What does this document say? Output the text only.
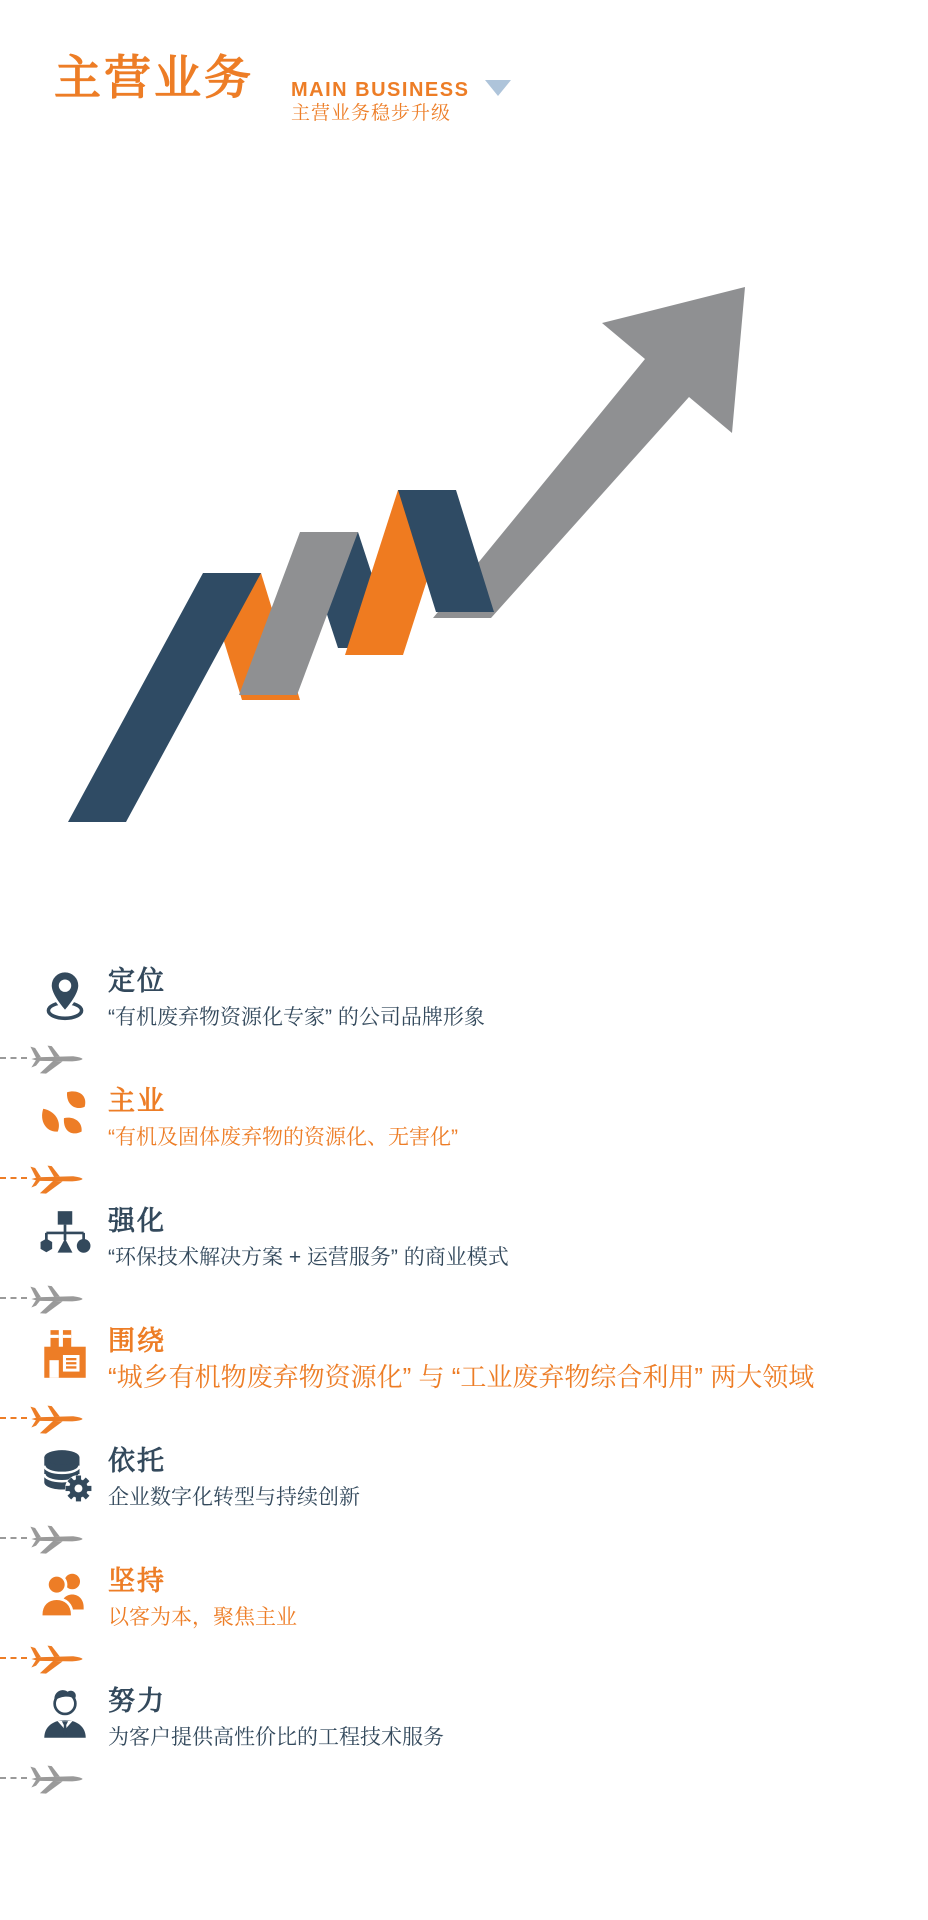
主营业务 MAIN BUSINESS
主营业务稳步升级
定位
“有机废弃物资源化专家” 的公司品牌形象
主业
“有机及固体废弃物的资源化、无害化”
强化
“环保技术解决方案 + 运营服务” 的商业模式
围绕
“城乡有机物废弃物资源化” 与 “工业废弃物综合利用” 两大领域
依托
企业数字化转型与持续创新
坚持
以客为本，聚焦主业
努力
为客户提供高性价比的工程技术服务
